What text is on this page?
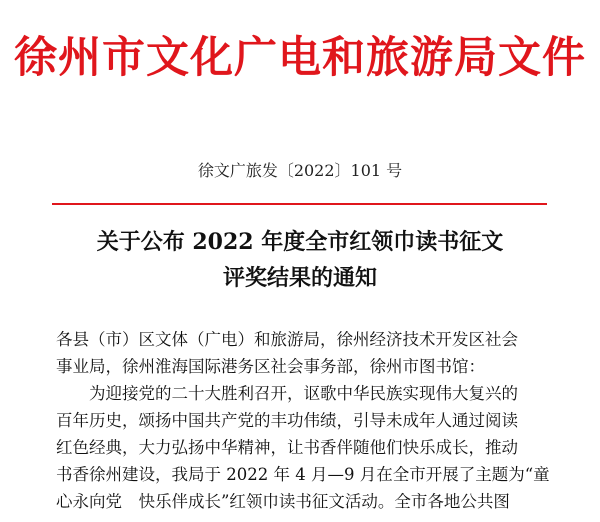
徐州市文化广电和旅游局文件
徐文广旅发〔2022〕101 号
关于公布 2022 年度全市红领巾读书征文
评奖结果的通知
各县（市）区文体（广电）和旅游局，徐州经济技术开发区社会
事业局，徐州淮海国际港务区社会事务部，徐州市图书馆：
为迎接党的二十大胜利召开，讴歌中华民族实现伟大复兴的
百年历史，颂扬中国共产党的丰功伟绩，引导未成年人通过阅读
红色经典，大力弘扬中华精神，让书香伴随他们快乐成长，推动
书香徐州建设，我局于 2022 年 4 月—9 月在全市开展了主题为“童
心永向党　快乐伴成长”红领巾读书征文活动。全市各地公共图
